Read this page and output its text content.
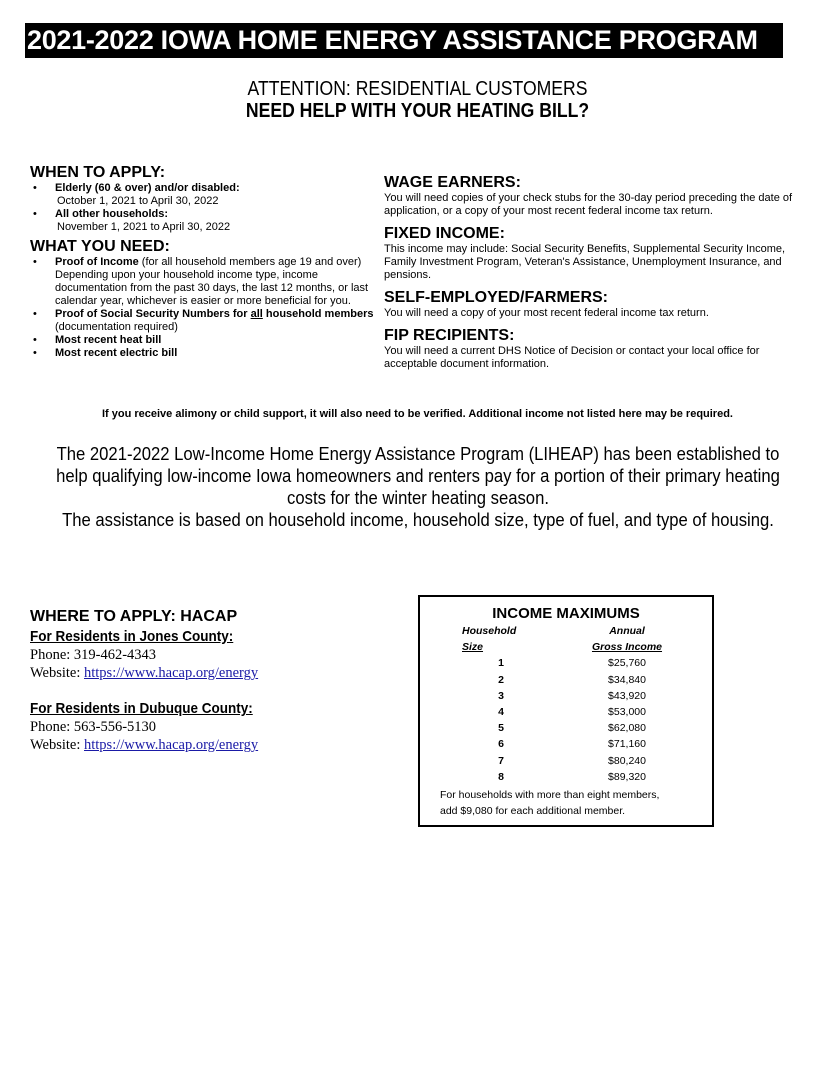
2021-2022 IOWA HOME ENERGY ASSISTANCE PROGRAM
ATTENTION: RESIDENTIAL CUSTOMERS
NEED HELP WITH YOUR HEATING BILL?
WHEN TO APPLY:
• Elderly (60 & over) and/or disabled:
October 1, 2021 to April 30, 2022
• All other households:
November 1, 2021 to April 30, 2022
WHAT YOU NEED:
• Proof of Income (for all household members age 19 and over) Depending upon your household income type, income documentation from the past 30 days, the last 12 months, or last calendar year, whichever is easier or more beneficial for you.
• Proof of Social Security Numbers for all household members (documentation required)
• Most recent heat bill
• Most recent electric bill
WAGE EARNERS:

You will need copies of your check stubs for the 30-day period preceding the date of application, or a copy of your most recent federal income tax return.

FIXED INCOME:

This income may include: Social Security Benefits, Supplemental Security Income, Family Investment Program, Veteran's Assistance, Unemployment Insurance, and pensions.

SELF-EMPLOYED/FARMERS:

You will need a copy of your most recent federal income tax return.

FIP RECIPIENTS:

You will need a current DHS Notice of Decision or contact your local office for acceptable document information.

If you receive alimony or child support, it will also need to be verified. Additional income not listed here may be required.
The 2021-2022 Low-Income Home Energy Assistance Program (LIHEAP) has been established to help qualifying low-income Iowa homeowners and renters pay for a portion of their primary heating costs for the winter heating season.
The assistance is based on household income, household size, type of fuel, and type of housing.
WHERE TO APPLY: HACAP
For Residents in Jones County:
Phone: 319-462-4343
Website: https://www.hacap.org/energy
For Residents in Dubuque County:
Phone: 563-556-5130
Website: https://www.hacap.org/energy
INCOME MAXIMUMS
Household	Annual
Size	Gross Income
1	$25,760
2	$34,840
3	$43,920
4	$53,000
5	$62,080
6	$71,160
7	$80,240
8	$89,320
For households with more than eight members,
add $9,080 for each additional member.
